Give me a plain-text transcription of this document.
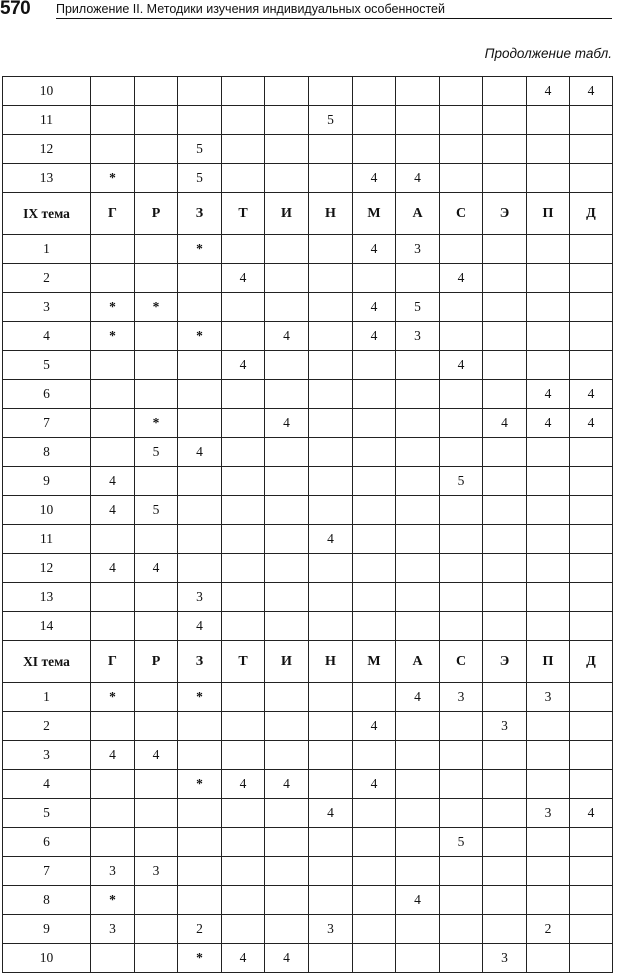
570 Приложение II. Методики изучения индивидуальных особенностей
Продолжение табл.
10											4	4
11						5						
12			5									
13	*		5				4	4				
IX тема	Г	Р	З	Т	И	Н	М	А	С	Э	П	Д
1			*				4	3				
2				4					4			
3	*	*					4	5				
4	*		*		4		4	3				
5				4					4			
6											4	4
7		*			4					4	4	4
8		5	4									
9	4								5			
10	4	5										
11						4						
12	4	4										
13			3									
14			4									
XI тема	Г	Р	З	Т	И	Н	М	А	С	Э	П	Д
1	*		*					4	3		3	
2							4			3		
3	4	4										
4			*	4	4		4					
5						4					3	4
6									5			
7	3	3										
8	*							4				
9	3		2			3					2	
10			*	4	4					3		
